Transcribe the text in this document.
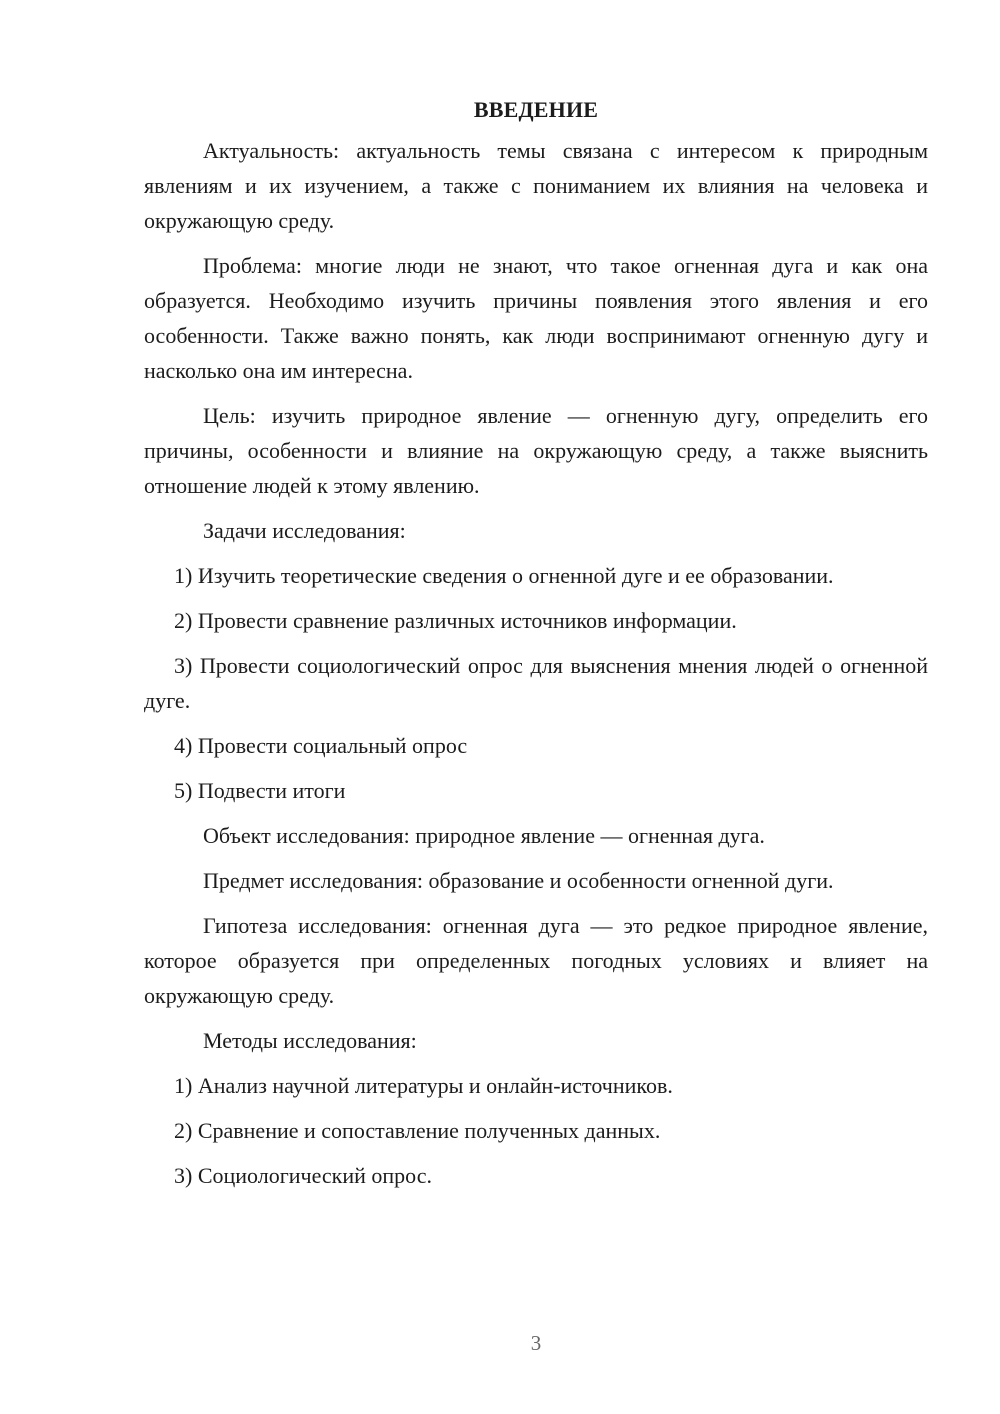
ВВЕДЕНИЕ

Актуальность: актуальность темы связана с интересом к природным явлениям и их изучением, а также с пониманием их влияния на человека и окружающую среду.

Проблема: многие люди не знают, что такое огненная дуга и как она образуется. Необходимо изучить причины появления этого явления и его особенности. Также важно понять, как люди воспринимают огненную дугу и насколько она им интересна.

Цель: изучить природное явление — огненную дугу, определить его причины, особенности и влияние на окружающую среду, а также выяснить отношение людей к этому явлению.

Задачи исследования:

1) Изучить теоретические сведения о огненной дуге и ее образовании.

2) Провести сравнение различных источников информации.

3) Провести социологический опрос для выяснения мнения людей о огненной дуге.

4) Провести социальный опрос

5) Подвести итоги

Объект исследования: природное явление — огненная дуга.

Предмет исследования: образование и особенности огненной дуги.

Гипотеза исследования: огненная дуга — это редкое природное явление, которое образуется при определенных погодных условиях и влияет на окружающую среду.

Методы исследования:

1) Анализ научной литературы и онлайн-источников.

2) Сравнение и сопоставление полученных данных.

3) Социологический опрос.

3
